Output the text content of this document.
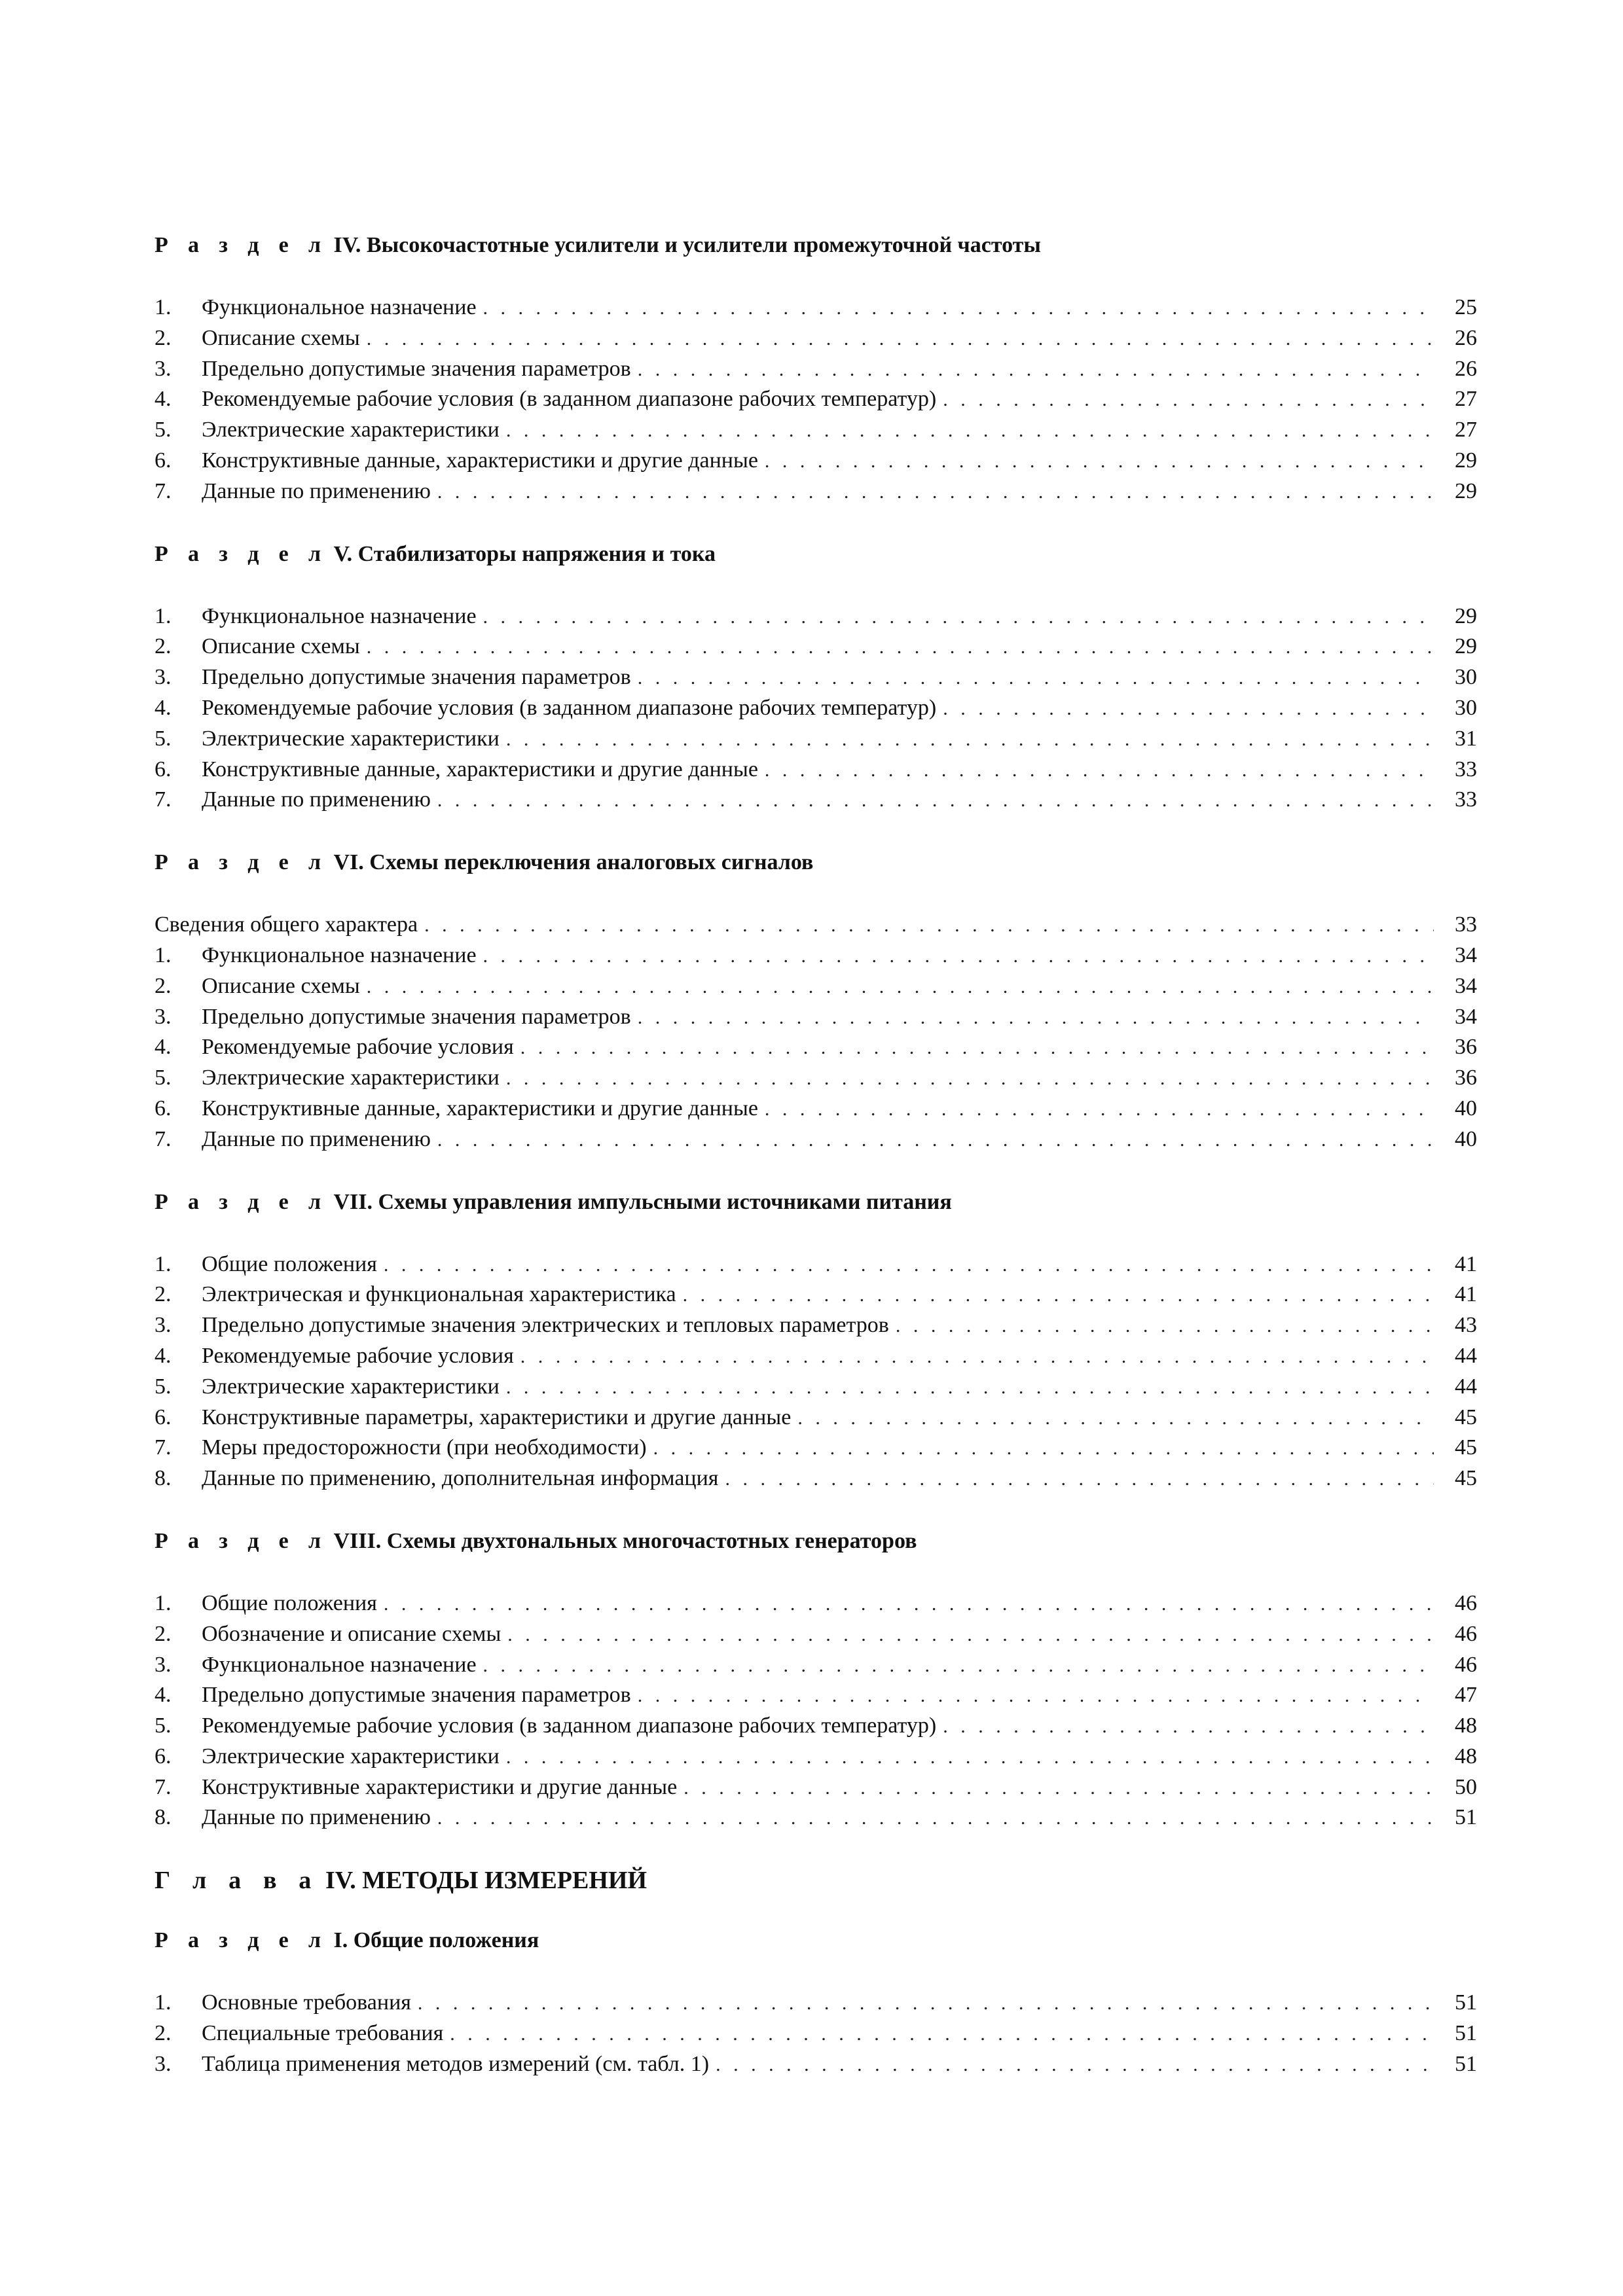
Р а з д е л IV. Высокочастотные усилители и усилители промежуточной частоты
1.	Функциональное назначение . . .	25
2.	Описание схемы . . .	26
3.	Предельно допустимые значения параметров . . .	26
4.	Рекомендуемые рабочие условия (в заданном диапазоне рабочих температур) . . .	27
5.	Электрические характеристики . . .	27
6.	Конструктивные данные, характеристики и другие данные . . .	29
7.	Данные по применению . . .	29
Р а з д е л V. Стабилизаторы напряжения и тока
1.	Функциональное назначение . . .	29
2.	Описание схемы . . .	29
3.	Предельно допустимые значения параметров . . .	30
4.	Рекомендуемые рабочие условия (в заданном диапазоне рабочих температур) . . .	30
5.	Электрические характеристики . . .	31
6.	Конструктивные данные, характеристики и другие данные . . .	33
7.	Данные по применению . . .	33
Р а з д е л VI. Схемы переключения аналоговых сигналов
Сведения общего характера . . .	33
1.	Функциональное назначение . . .	34
2.	Описание схемы . . .	34
3.	Предельно допустимые значения параметров . . .	34
4.	Рекомендуемые рабочие условия . . .	36
5.	Электрические характеристики . . .	36
6.	Конструктивные данные, характеристики и другие данные . . .	40
7.	Данные по применению . . .	40
Р а з д е л VII. Схемы управления импульсными источниками питания
1.	Общие положения . . .	41
2.	Электрическая и функциональная характеристика . . .	41
3.	Предельно допустимые значения электрических и тепловых параметров . . .	43
4.	Рекомендуемые рабочие условия . . .	44
5.	Электрические характеристики . . .	44
6.	Конструктивные параметры, характеристики и другие данные . . .	45
7.	Меры предосторожности (при необходимости) . . .	45
8.	Данные по применению, дополнительная информация . . .	45
Р а з д е л VIII. Схемы двухтональных многочастотных генераторов
1.	Общие положения . . .	46
2.	Обозначение и описание схемы . . .	46
3.	Функциональное назначение . . .	46
4.	Предельно допустимые значения параметров . . .	47
5.	Рекомендуемые рабочие условия (в заданном диапазоне рабочих температур) . . .	48
6.	Электрические характеристики . . .	48
7.	Конструктивные характеристики и другие данные . . .	50
8.	Данные по применению . . .	51
Г л а в а IV. МЕТОДЫ ИЗМЕРЕНИЙ
Р а з д е л I. Общие положения
1.	Основные требования . . .	51
2.	Специальные требования . . .	51
3.	Таблица применения методов измерений (см. табл. 1) . . .	51
